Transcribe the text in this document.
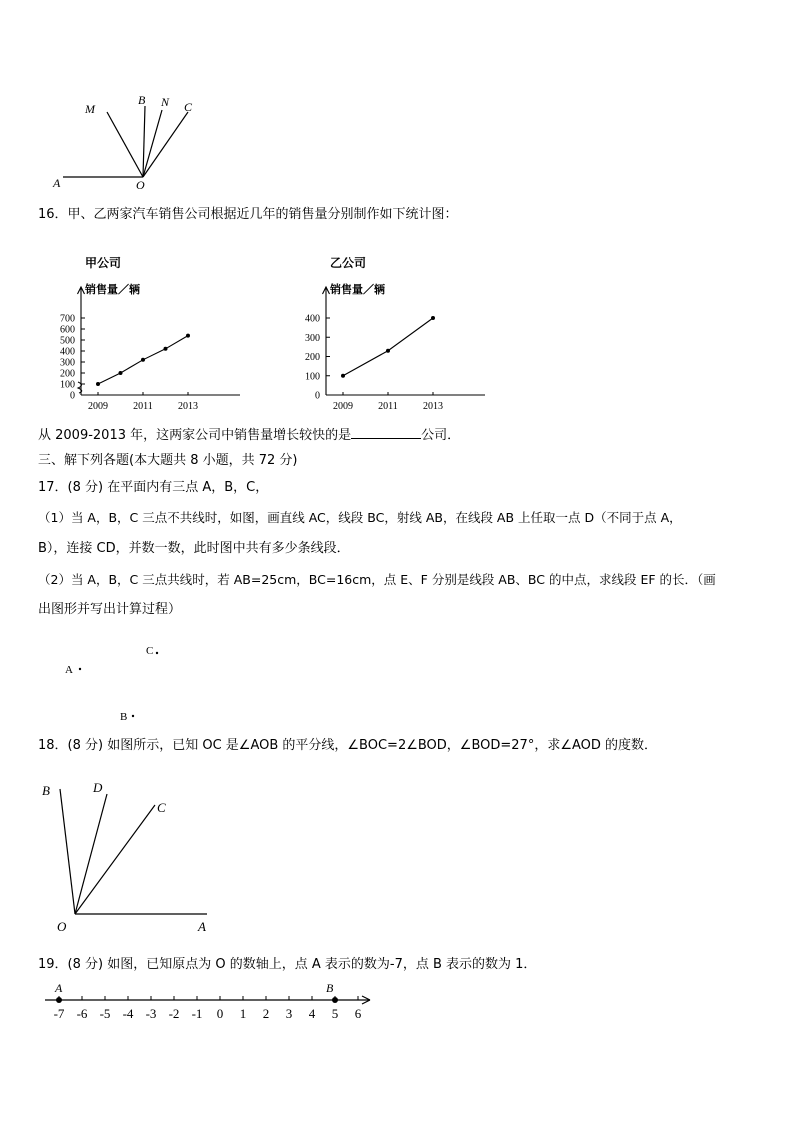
A	O
M
B N C
16．甲、乙两家汽车销售公司根据近几年的销售量分别制作如下统计图：
甲公司
销售量／辆
0
100
200
300
400
500
600
700
2009	2011	2013
乙公司
销售量／辆
0
100
200
300
400
2009	2011	2013
从 2009-2013 年，这两家公司中销售量增长较快的是	公司．
三、解下列各题(本大题共 8 小题，共 72 分)
17．(8 分) 在平面内有三点 A，B，C，
（1）当 A，B，C 三点不共线时，如图，画直线 AC，线段 BC，射线 AB，在线段 AB 上任取一点 D（不同于点 A，
B），连接 CD，并数一数，此时图中共有多少条线段．
（2）当 A，B，C 三点共线时，若 AB=25cm，BC=16cm，点 E、F 分别是线段 AB、BC 的中点，求线段 EF 的长．（画
出图形并写出计算过程）
C
A
B
18．(8 分) 如图所示，已知 OC 是∠AOB 的平分线，∠BOC=2∠BOD，∠BOD=27°，求∠AOD 的度数．
B	D
C
O	A
19．(8 分) 如图，已知原点为 O 的数轴上，点 A 表示的数为-7，点 B 表示的数为 1．
-7 -6 -5 -4 -3 -2 -1 0 1 2 3 4 5 6
A	B
